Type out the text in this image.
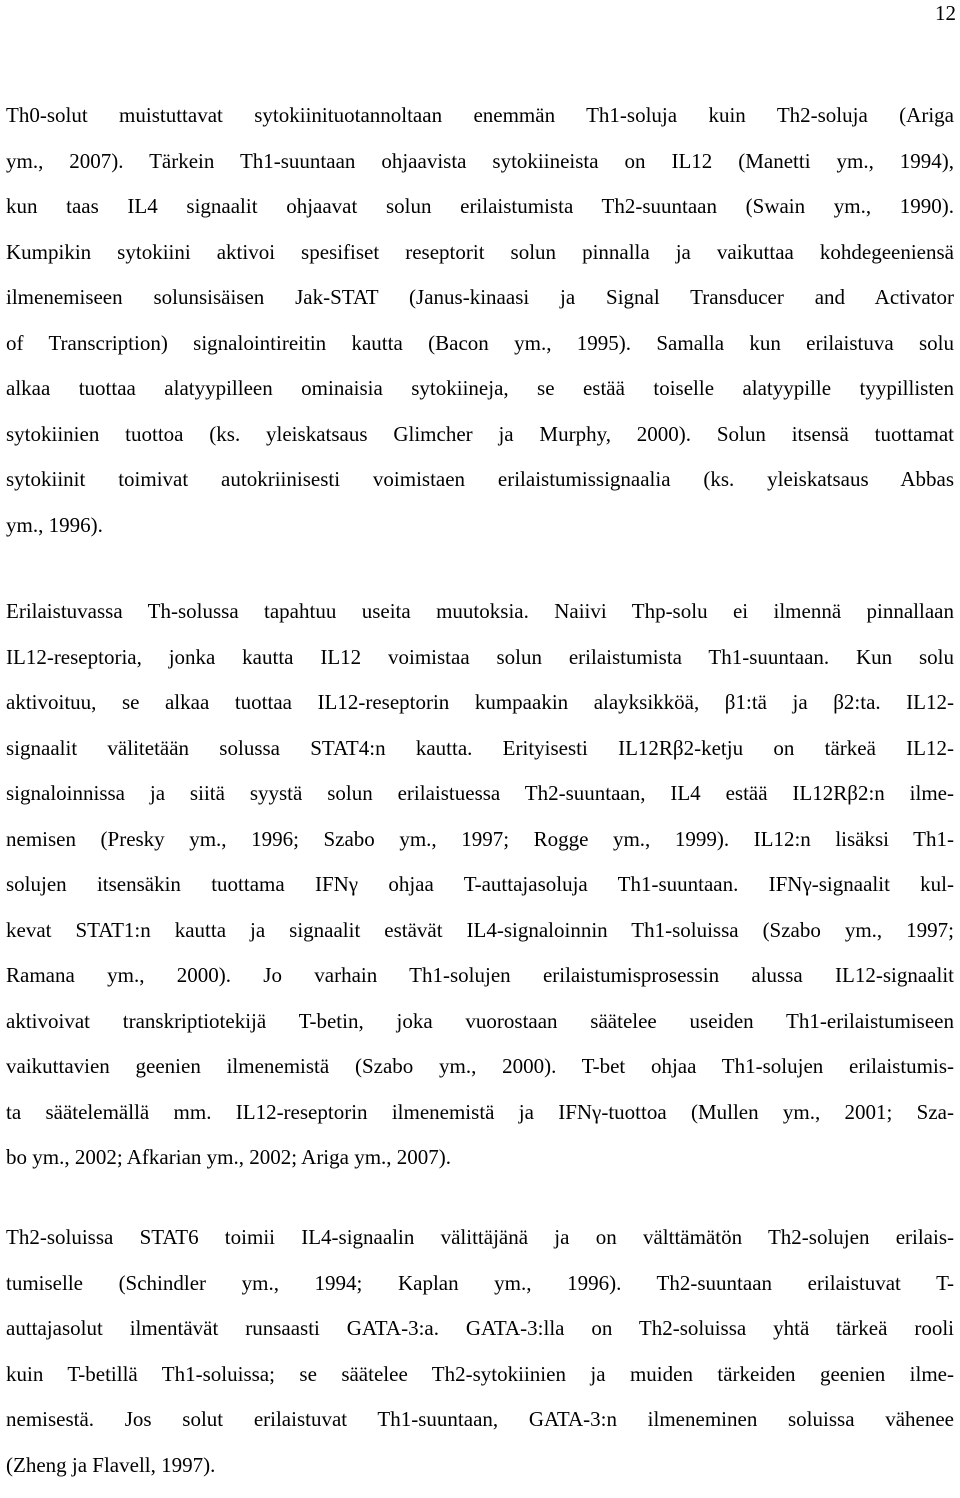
12

Th0-solut muistuttavat sytokiinituotannoltaan enemmän Th1-soluja kuin Th2-soluja (Ariga
ym., 2007). Tärkein Th1-suuntaan ohjaavista sytokiineista on IL12 (Manetti ym., 1994),
kun taas IL4 signaalit ohjaavat solun erilaistumista Th2-suuntaan (Swain ym., 1990).
Kumpikin sytokiini aktivoi spesifiset reseptorit solun pinnalla ja vaikuttaa kohdegeeniensä
ilmenemiseen solunsisäisen Jak-STAT (Janus-kinaasi ja Signal Transducer and Activator
of Transcription) signalointireitin kautta (Bacon ym., 1995). Samalla kun erilaistuva solu
alkaa tuottaa alatyypilleen ominaisia sytokiineja, se estää toiselle alatyypille tyypillisten
sytokiinien tuottoa (ks. yleiskatsaus Glimcher ja Murphy, 2000). Solun itsensä tuottamat
sytokiinit toimivat autokriinisesti voimistaen erilaistumissignaalia (ks. yleiskatsaus Abbas
ym., 1996).

Erilaistuvassa Th-solussa tapahtuu useita muutoksia. Naiivi Thp-solu ei ilmennä pinnallaan
IL12-reseptoria, jonka kautta IL12 voimistaa solun erilaistumista Th1-suuntaan. Kun solu
aktivoituu, se alkaa tuottaa IL12-reseptorin kumpaakin alayksikköä, β1:tä ja β2:ta. IL12-
signaalit välitetään solussa STAT4:n kautta. Erityisesti IL12Rβ2-ketju on tärkeä IL12-
signaloinnissa ja siitä syystä solun erilaistuessa Th2-suuntaan, IL4 estää IL12Rβ2:n ilme-
nemisen (Presky ym., 1996; Szabo ym., 1997; Rogge ym., 1999). IL12:n lisäksi Th1-
solujen itsensäkin tuottama IFNγ ohjaa T-auttajasoluja Th1-suuntaan. IFNγ-signaalit kul-
kevat STAT1:n kautta ja signaalit estävät IL4-signaloinnin Th1-soluissa (Szabo ym., 1997;
Ramana ym., 2000). Jo varhain Th1-solujen erilaistumisprosessin alussa IL12-signaalit
aktivoivat transkriptiotekijä T-betin, joka vuorostaan säätelee useiden Th1-erilaistumiseen
vaikuttavien geenien ilmenemistä (Szabo ym., 2000). T-bet ohjaa Th1-solujen erilaistumis-
ta säätelemällä mm. IL12-reseptorin ilmenemistä ja IFNγ-tuottoa (Mullen ym., 2001; Sza-
bo ym., 2002; Afkarian ym., 2002; Ariga ym., 2007).

Th2-soluissa STAT6 toimii IL4-signaalin välittäjänä ja on välttämätön Th2-solujen erilais-
tumiselle (Schindler ym., 1994; Kaplan ym., 1996). Th2-suuntaan erilaistuvat T-
auttajasolut ilmentävät runsaasti GATA-3:a. GATA-3:lla on Th2-soluissa yhtä tärkeä rooli
kuin T-betillä Th1-soluissa; se säätelee Th2-sytokiinien ja muiden tärkeiden geenien ilme-
nemisestä. Jos solut erilaistuvat Th1-suuntaan, GATA-3:n ilmeneminen soluissa vähenee
(Zheng ja Flavell, 1997).
